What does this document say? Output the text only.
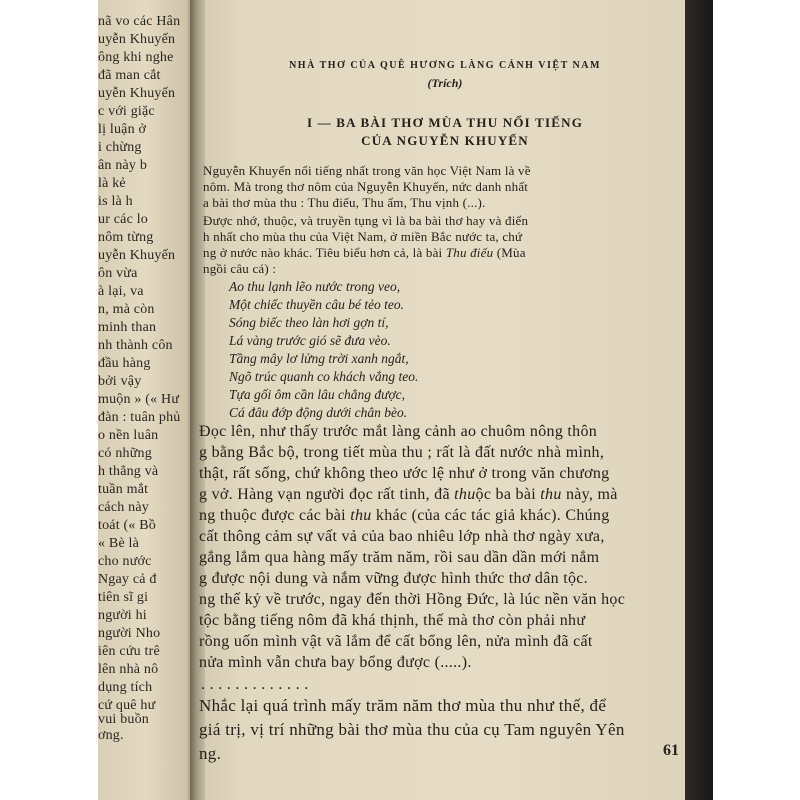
nã vo các Hân
uyễn Khuyến
ông khi nghe
đã man cắt
uyễn Khuyến
c với giặc
lị luận ở
i chừng
ân này b
là kẻ
is là h
ur các lo
nôm từng
uyễn Khuyến
ôn vừa
à lại, va
n, mà còn
minh than
nh thành côn
đầu hàng
bởi vậy
muộn » (« Hư
đàn : tuân phủ
o nền luân
có những
h thẳng và
tuần mắt
cách này
toát (« Bồ
« Bè là
cho nước
Ngay cả đ
tiên sĩ gi
người hi
người Nho
iên cứu trê
lên nhà nô
dụng tích
cứ quê hư
vui buồn
ơng.
NHÀ THƠ CỦA QUÊ HƯƠNG LÀNG CẢNH VIỆT NAM
(Trích)
I — BA BÀI THƠ MÙA THU NỔI TIẾNG
CỦA NGUYỄN KHUYẾN
Nguyễn Khuyến nổi tiếng nhất trong văn học Việt Nam là về
nôm. Mà trong thơ nôm của Nguyễn Khuyến, nức danh nhất
a bài thơ mùa thu : Thu điếu, Thu ẩm, Thu vịnh (...).
Được nhớ, thuộc, và truyền tụng vì là ba bài thơ hay và điển
h nhất cho mùa thu của Việt Nam, ở miền Bắc nước ta, chứ
ng ở nước nào khác. Tiêu biểu hơn cả, là bài Thu điếu (Mùa
ngồi câu cá) :
Ao thu lạnh lẽo nước trong veo,
Một chiếc thuyền câu bé tẻo teo.
Sóng biếc theo làn hơi gợn tí,
Lá vàng trước gió sẽ đưa vèo.
Tầng mây lơ lửng trời xanh ngắt,
Ngõ trúc quanh co khách vắng teo.
Tựa gối ôm cần lâu chẳng được,
Cá đâu đớp động dưới chân bèo.
Đọc lên, như thấy trước mắt làng cảnh ao chuôm nông thôn
g bằng Bắc bộ, trong tiết mùa thu ; rất là đất nước nhà mình,
thật, rất sống, chứ không theo ước lệ như ở trong văn chương
g vở. Hàng vạn người đọc rất tinh, đã thuộc ba bài thu này, mà
ng thuộc được các bài thu khác (của các tác giả khác). Chúng
cất thông cảm sự vất vả của bao nhiêu lớp nhà thơ ngày xưa,
gắng lắm qua hàng mấy trăm năm, rồi sau dần dần mới nắm
g được nội dung và nắm vững được hình thức thơ dân tộc.
ng thế kỷ về trước, ngay đến thời Hồng Đức, là lúc nền văn học
tộc bằng tiếng nôm đã khá thịnh, thế mà thơ còn phải như
rồng uốn mình vật vã lắm để cất bổng lên, nửa mình đã cất
nửa mình vẫn chưa bay bổng được (.....).
. . . . . . . . . . . . .
Nhắc lại quá trình mấy trăm năm thơ mùa thu như thế, để
giá trị, vị trí những bài thơ mùa thu của cụ Tam nguyên Yên
ng.	61
